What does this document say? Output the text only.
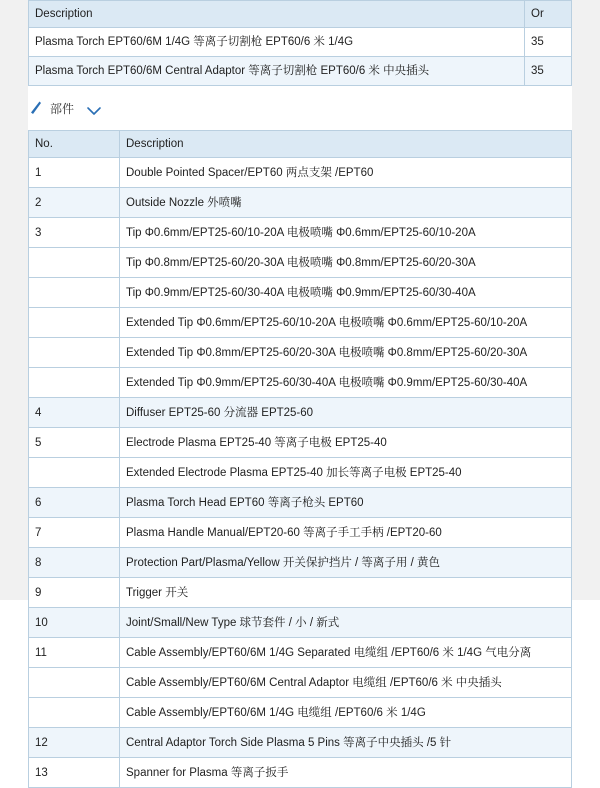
Description	Or
Plasma Torch EPT60/6M 1/4G 等离子切割枪 EPT60/6 米 1/4G	35
Plasma Torch EPT60/6M Central Adaptor 等离子切割枪 EPT60/6 米 中央插头	35
部件
No.	Description
1	Double Pointed Spacer/EPT60 两点支架 /EPT60
2	Outside Nozzle 外喷嘴
3	Tip Φ0.6mm/EPT25-60/10-20A 电极喷嘴 Φ0.6mm/EPT25-60/10-20A
	Tip Φ0.8mm/EPT25-60/20-30A 电极喷嘴 Φ0.8mm/EPT25-60/20-30A
	Tip Φ0.9mm/EPT25-60/30-40A 电极喷嘴 Φ0.9mm/EPT25-60/30-40A
	Extended Tip Φ0.6mm/EPT25-60/10-20A 电极喷嘴 Φ0.6mm/EPT25-60/10-20A
	Extended Tip Φ0.8mm/EPT25-60/20-30A 电极喷嘴 Φ0.8mm/EPT25-60/20-30A
	Extended Tip Φ0.9mm/EPT25-60/30-40A 电极喷嘴 Φ0.9mm/EPT25-60/30-40A
4	Diffuser EPT25-60 分流器 EPT25-60
5	Electrode Plasma EPT25-40 等离子电极 EPT25-40
	Extended Electrode Plasma EPT25-40 加长等离子电极 EPT25-40
6	Plasma Torch Head EPT60 等离子枪头 EPT60
7	Plasma Handle Manual/EPT20-60 等离子手工手柄 /EPT20-60
8	Protection Part/Plasma/Yellow 开关保护挡片 / 等离子用 / 黄色
9	Trigger 开关
10	Joint/Small/New Type 球节套件 / 小 / 新式
11	Cable Assembly/EPT60/6M 1/4G Separated 电缆组 /EPT60/6 米 1/4G 气电分离
	Cable Assembly/EPT60/6M Central Adaptor 电缆组 /EPT60/6 米 中央插头
	Cable Assembly/EPT60/6M 1/4G 电缆组 /EPT60/6 米 1/4G
12	Central Adaptor Torch Side Plasma 5 Pins 等离子中央插头 /5 针
13	Spanner for Plasma 等离子扳手
